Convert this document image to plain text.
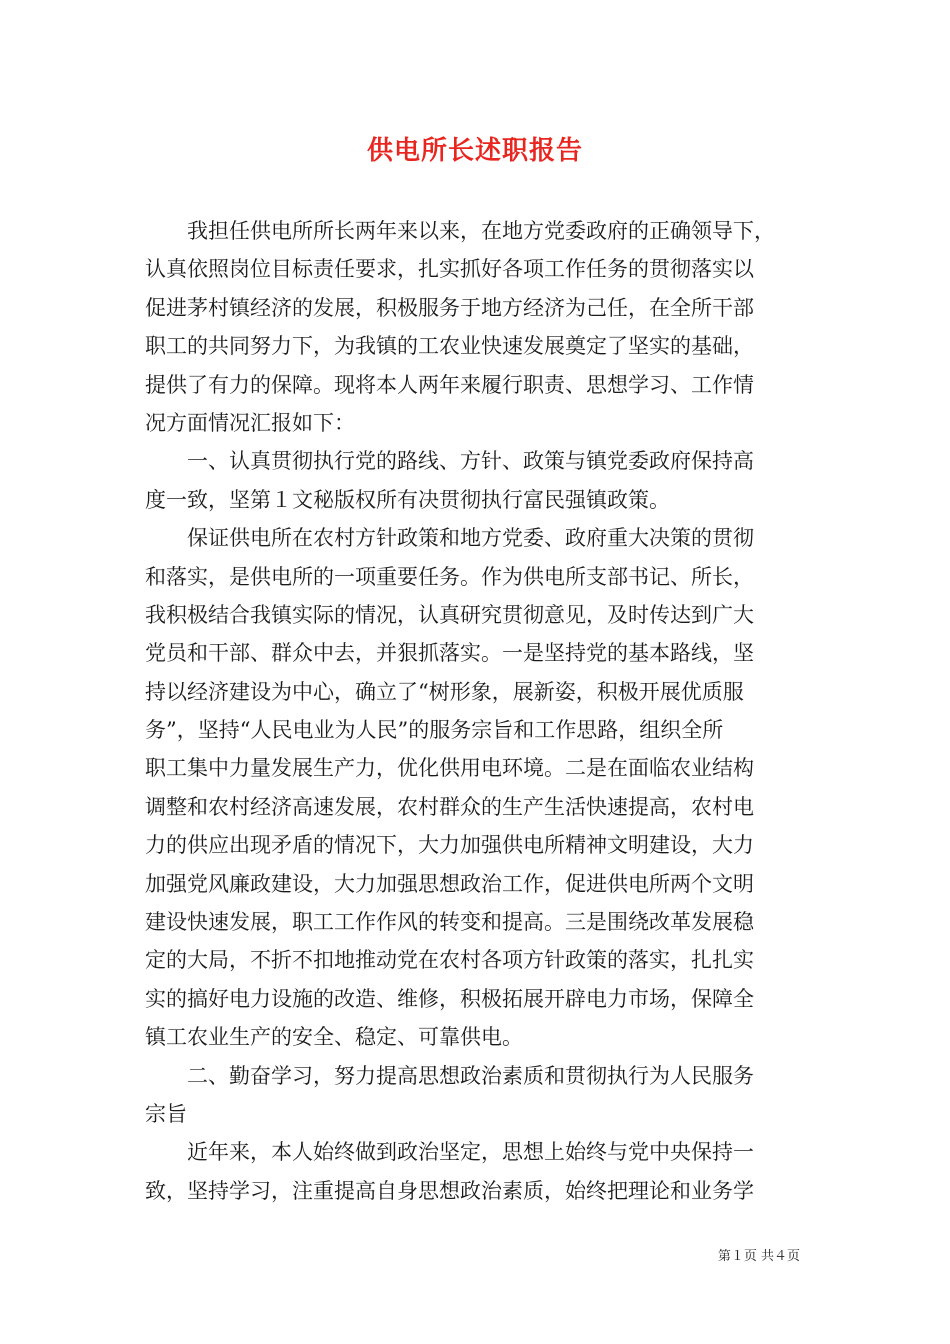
供电所长述职报告
　　我担任供电所所长两年来以来，在地方党委政府的正确领导下，
认真依照岗位目标责任要求，扎实抓好各项工作任务的贯彻落实以
促进茅村镇经济的发展，积极服务于地方经济为己任，在全所干部
职工的共同努力下，为我镇的工农业快速发展奠定了坚实的基础，
提供了有力的保障。现将本人两年来履行职责、思想学习、工作情
况方面情况汇报如下：
　　一、认真贯彻执行党的路线、方针、政策与镇党委政府保持高
度一致，坚第１文秘版权所有决贯彻执行富民强镇政策。
　　保证供电所在农村方针政策和地方党委、政府重大决策的贯彻
和落实，是供电所的一项重要任务。作为供电所支部书记、所长，
我积极结合我镇实际的情况，认真研究贯彻意见，及时传达到广大
党员和干部、群众中去，并狠抓落实。一是坚持党的基本路线，坚
持以经济建设为中心，确立了“树形象，展新姿，积极开展优质服
务”，坚持“人民电业为人民”的服务宗旨和工作思路，组织全所
职工集中力量发展生产力，优化供用电环境。二是在面临农业结构
调整和农村经济高速发展，农村群众的生产生活快速提高，农村电
力的供应出现矛盾的情况下，大力加强供电所精神文明建设，大力
加强党风廉政建设，大力加强思想政治工作，促进供电所两个文明
建设快速发展，职工工作作风的转变和提高。三是围绕改革发展稳
定的大局，不折不扣地推动党在农村各项方针政策的落实，扎扎实
实的搞好电力设施的改造、维修，积极拓展开辟电力市场，保障全
镇工农业生产的安全、稳定、可靠供电。
　　二、勤奋学习，努力提高思想政治素质和贯彻执行为人民服务
宗旨
　　近年来，本人始终做到政治坚定，思想上始终与党中央保持一
致，坚持学习，注重提高自身思想政治素质，始终把理论和业务学
第１页 共４页
